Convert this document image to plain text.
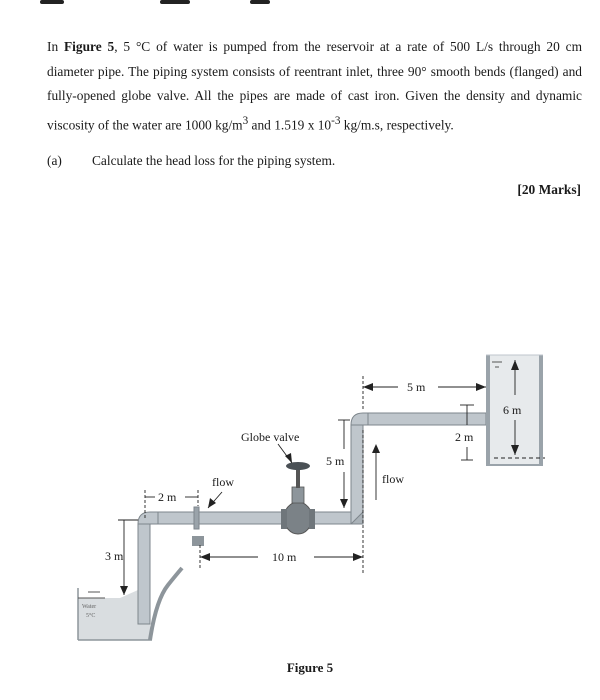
In Figure 5, 5 °C of water is pumped from the reservoir at a rate of 500 L/s through 20 cm diameter pipe. The piping system consists of reentrant inlet, three 90° smooth bends (flanged) and fully-opened globe valve. All the pipes are made of cast iron. Given the density and dynamic viscosity of the water are 1000 $kg/m^3$ and 1.519 x $10^{-3}$ kg/m.s, respectively.
(a) Calculate the head loss for the piping system.
[20 Marks]
Water
5°C
Globe valve
flow	flow
3 m
2 m
10 m
5 m
5 m
2 m
6 m
Figure 5
